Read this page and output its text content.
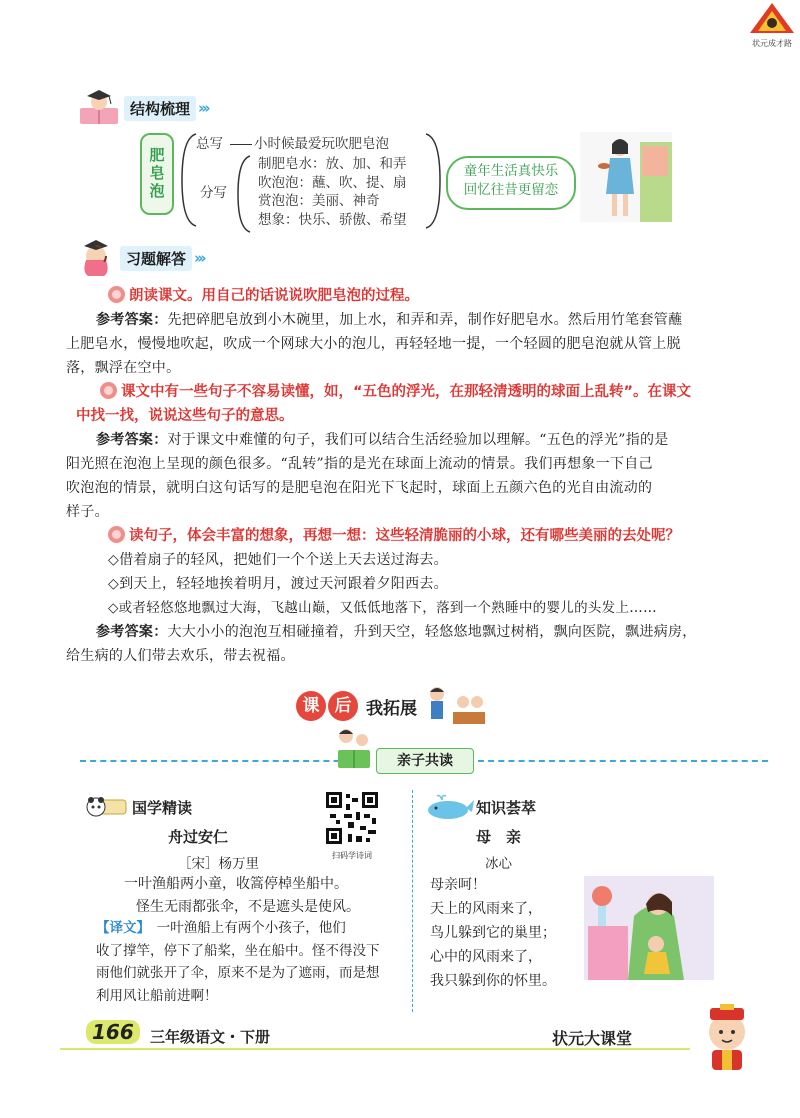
状元成才路
结构梳理 ›››
肥皂泡
总写 小时候最爱玩吹肥皂泡
分写
制肥皂水：放、加、和弄
吹泡泡：蘸、吹、提、扇
赏泡泡：美丽、神奇
想象：快乐、骄傲、希望
童年生活真快乐
回忆往昔更留恋
习题解答 ›››
朗读课文。用自己的话说说吹肥皂泡的过程。
参考答案：先把碎肥皂放到小木碗里，加上水，和弄和弄，制作好肥皂水。然后用竹笔套管蘸
上肥皂水，慢慢地吹起，吹成一个网球大小的泡儿，再轻轻地一提，一个轻圆的肥皂泡就从管上脱
落，飘浮在空中。
课文中有一些句子不容易读懂，如，“五色的浮光，在那轻清透明的球面上乱转”。在课文
中找一找，说说这些句子的意思。
参考答案：对于课文中难懂的句子，我们可以结合生活经验加以理解。“五色的浮光”指的是
阳光照在泡泡上呈现的颜色很多。“乱转”指的是光在球面上流动的情景。我们再想象一下自己
吹泡泡的情景，就明白这句话写的是肥皂泡在阳光下飞起时，球面上五颜六色的光自由流动的
样子。
读句子，体会丰富的想象，再想一想：这些轻清脆丽的小球，还有哪些美丽的去处呢？
◇借着扇子的轻风，把她们一个个送上天去送过海去。
◇到天上，轻轻地挨着明月，渡过天河跟着夕阳西去。
◇或者轻悠悠地飘过大海，飞越山巅，又低低地落下，落到一个熟睡中的婴儿的头发上……
参考答案：大大小小的泡泡互相碰撞着，升到天空，轻悠悠地飘过树梢，飘向医院，飘进病房，
给生病的人们带去欢乐，带去祝福。
课 后 我拓展
亲子共读
国学精读
舟过安仁
［宋］杨万里
一叶渔船两小童，收篙停棹坐船中。
怪生无雨都张伞，不是遮头是使风。
扫码学诗词
【译文】　 一叶渔船上有两个小孩子，他们
收了撑竿，停下了船桨，坐在船中。怪不得没下
雨他们就张开了伞，原来不是为了遮雨，而是想
利用风让船前进啊！
知识荟萃
母　亲
冰心
母亲呵！
天上的风雨来了，
鸟儿躲到它的巢里；
心中的风雨来了，
我只躲到你的怀里。
166	三年级语文・下册	状元大课堂
